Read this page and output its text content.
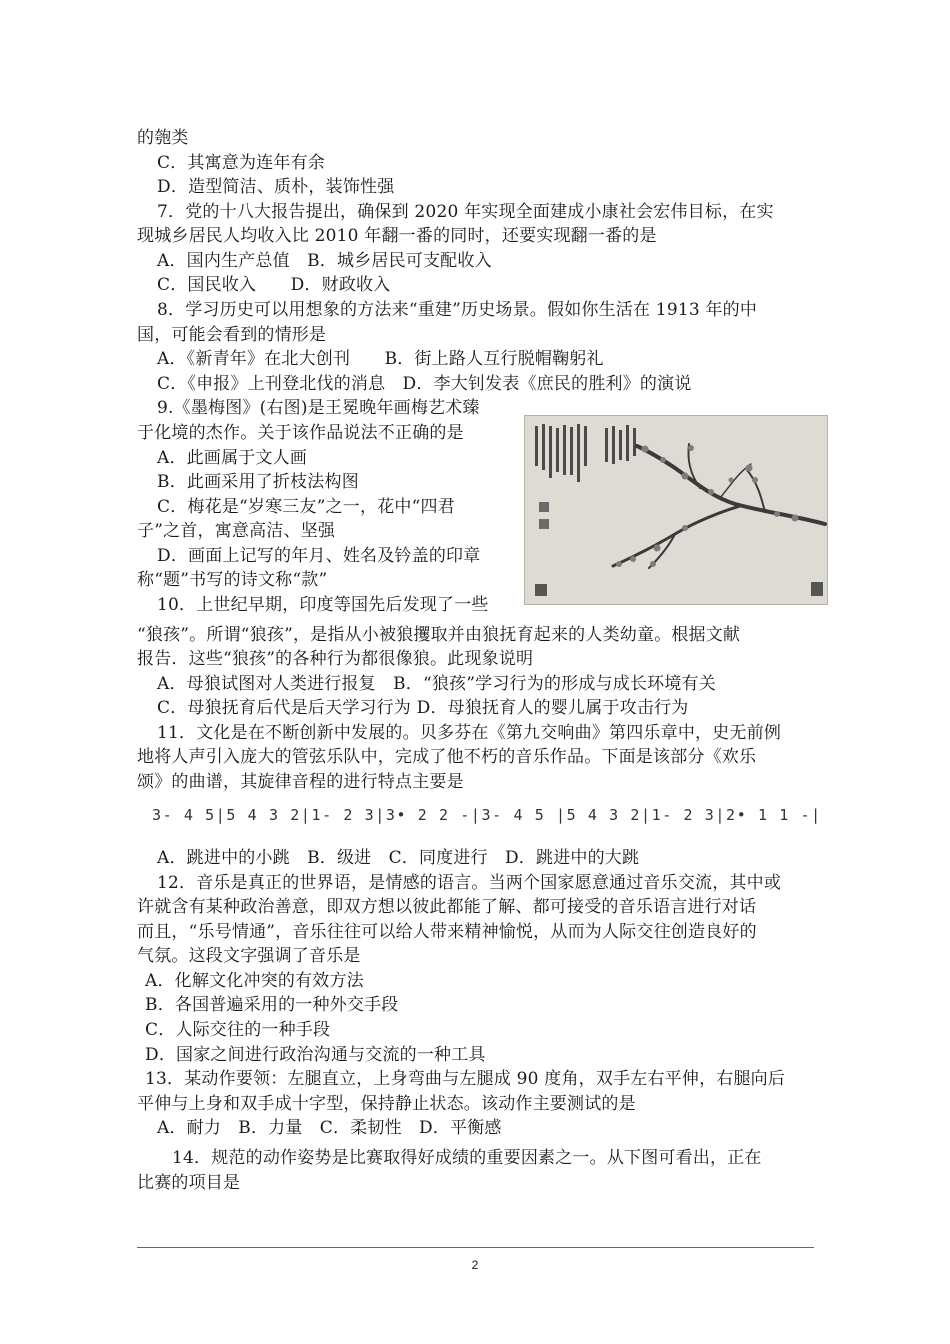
的匏类
C．其寓意为连年有余
D．造型简洁、质朴，装饰性强
7．党的十八大报告提出，确保到 2020 年实现全面建成小康社会宏伟目标，在实
现城乡居民人均收入比 2010 年翻一番的同时，还要实现翻一番的是
A．国内生产总值　B．城乡居民可支配收入
C．国民收入　　D．财政收入
8．学习历史可以用想象的方法来“重建”历史场景。假如你生活在 1913 年的中
国，可能会看到的情形是
A．《新青年》在北大创刊　　B．街上路人互行脱帽鞠躬礼
C．《申报》上刊登北伐的消息　D．李大钊发表《庶民的胜利》的演说
9.《墨梅图》(右图)是王冕晚年画梅艺术臻
于化境的杰作。关于该作品说法不正确的是
A．此画属于文人画
B．此画采用了折枝法构图
C．梅花是“岁寒三友”之一，花中“四君
子”之首，寓意高洁、坚强
D．画面上记写的年月、姓名及钤盖的印章
称“题”书写的诗文称“款”
10．上世纪早期，印度等国先后发现了一些
“狼孩”。所谓“狼孩”，是指从小被狼攫取并由狼抚育起来的人类幼童。根据文献
报告．这些“狼孩”的各种行为都很像狼。此现象说明
A．母狼试图对人类进行报复　B．“狼孩”学习行为的形成与成长环境有关
C．母狼抚育后代是后天学习行为 D．母狼抚育人的婴儿属于攻击行为
11．文化是在不断创新中发展的。贝多芬在《第九交响曲》第四乐章中，史无前例
地将人声引入庞大的管弦乐队中，完成了他不朽的音乐作品。下面是该部分《欢乐
颂》的曲谱，其旋律音程的进行特点主要是
3- 4 5|5 4 3 2|1- 2 3|3• 2 2 -|3- 4 5 |5 4 3 2|1- 2 3|2• 1 1 -|
A．跳进中的小跳　B．级进　C．同度进行　D．跳进中的大跳
12．音乐是真正的世界语，是情感的语言。当两个国家愿意通过音乐交流，其中或
许就含有某种政治善意，即双方想以彼此都能了解、都可接受的音乐语言进行对话
而且，“乐号情通”，音乐往往可以给人带来精神愉悦，从而为人际交往创造良好的
气氛。这段文字强调了音乐是
A．化解文化冲突的有效方法
B．各国普遍采用的一种外交手段
C．人际交往的一种手段
D．国家之间进行政治沟通与交流的一种工具
13．某动作要领：左腿直立，上身弯曲与左腿成 90 度角，双手左右平伸，右腿向后
平伸与上身和双手成十字型，保持静止状态。该动作主要测试的是
A．耐力　B．力量　C．柔韧性　D．平衡感
14．规范的动作姿势是比赛取得好成绩的重要因素之一。从下图可看出，正在
比赛的项目是
2
